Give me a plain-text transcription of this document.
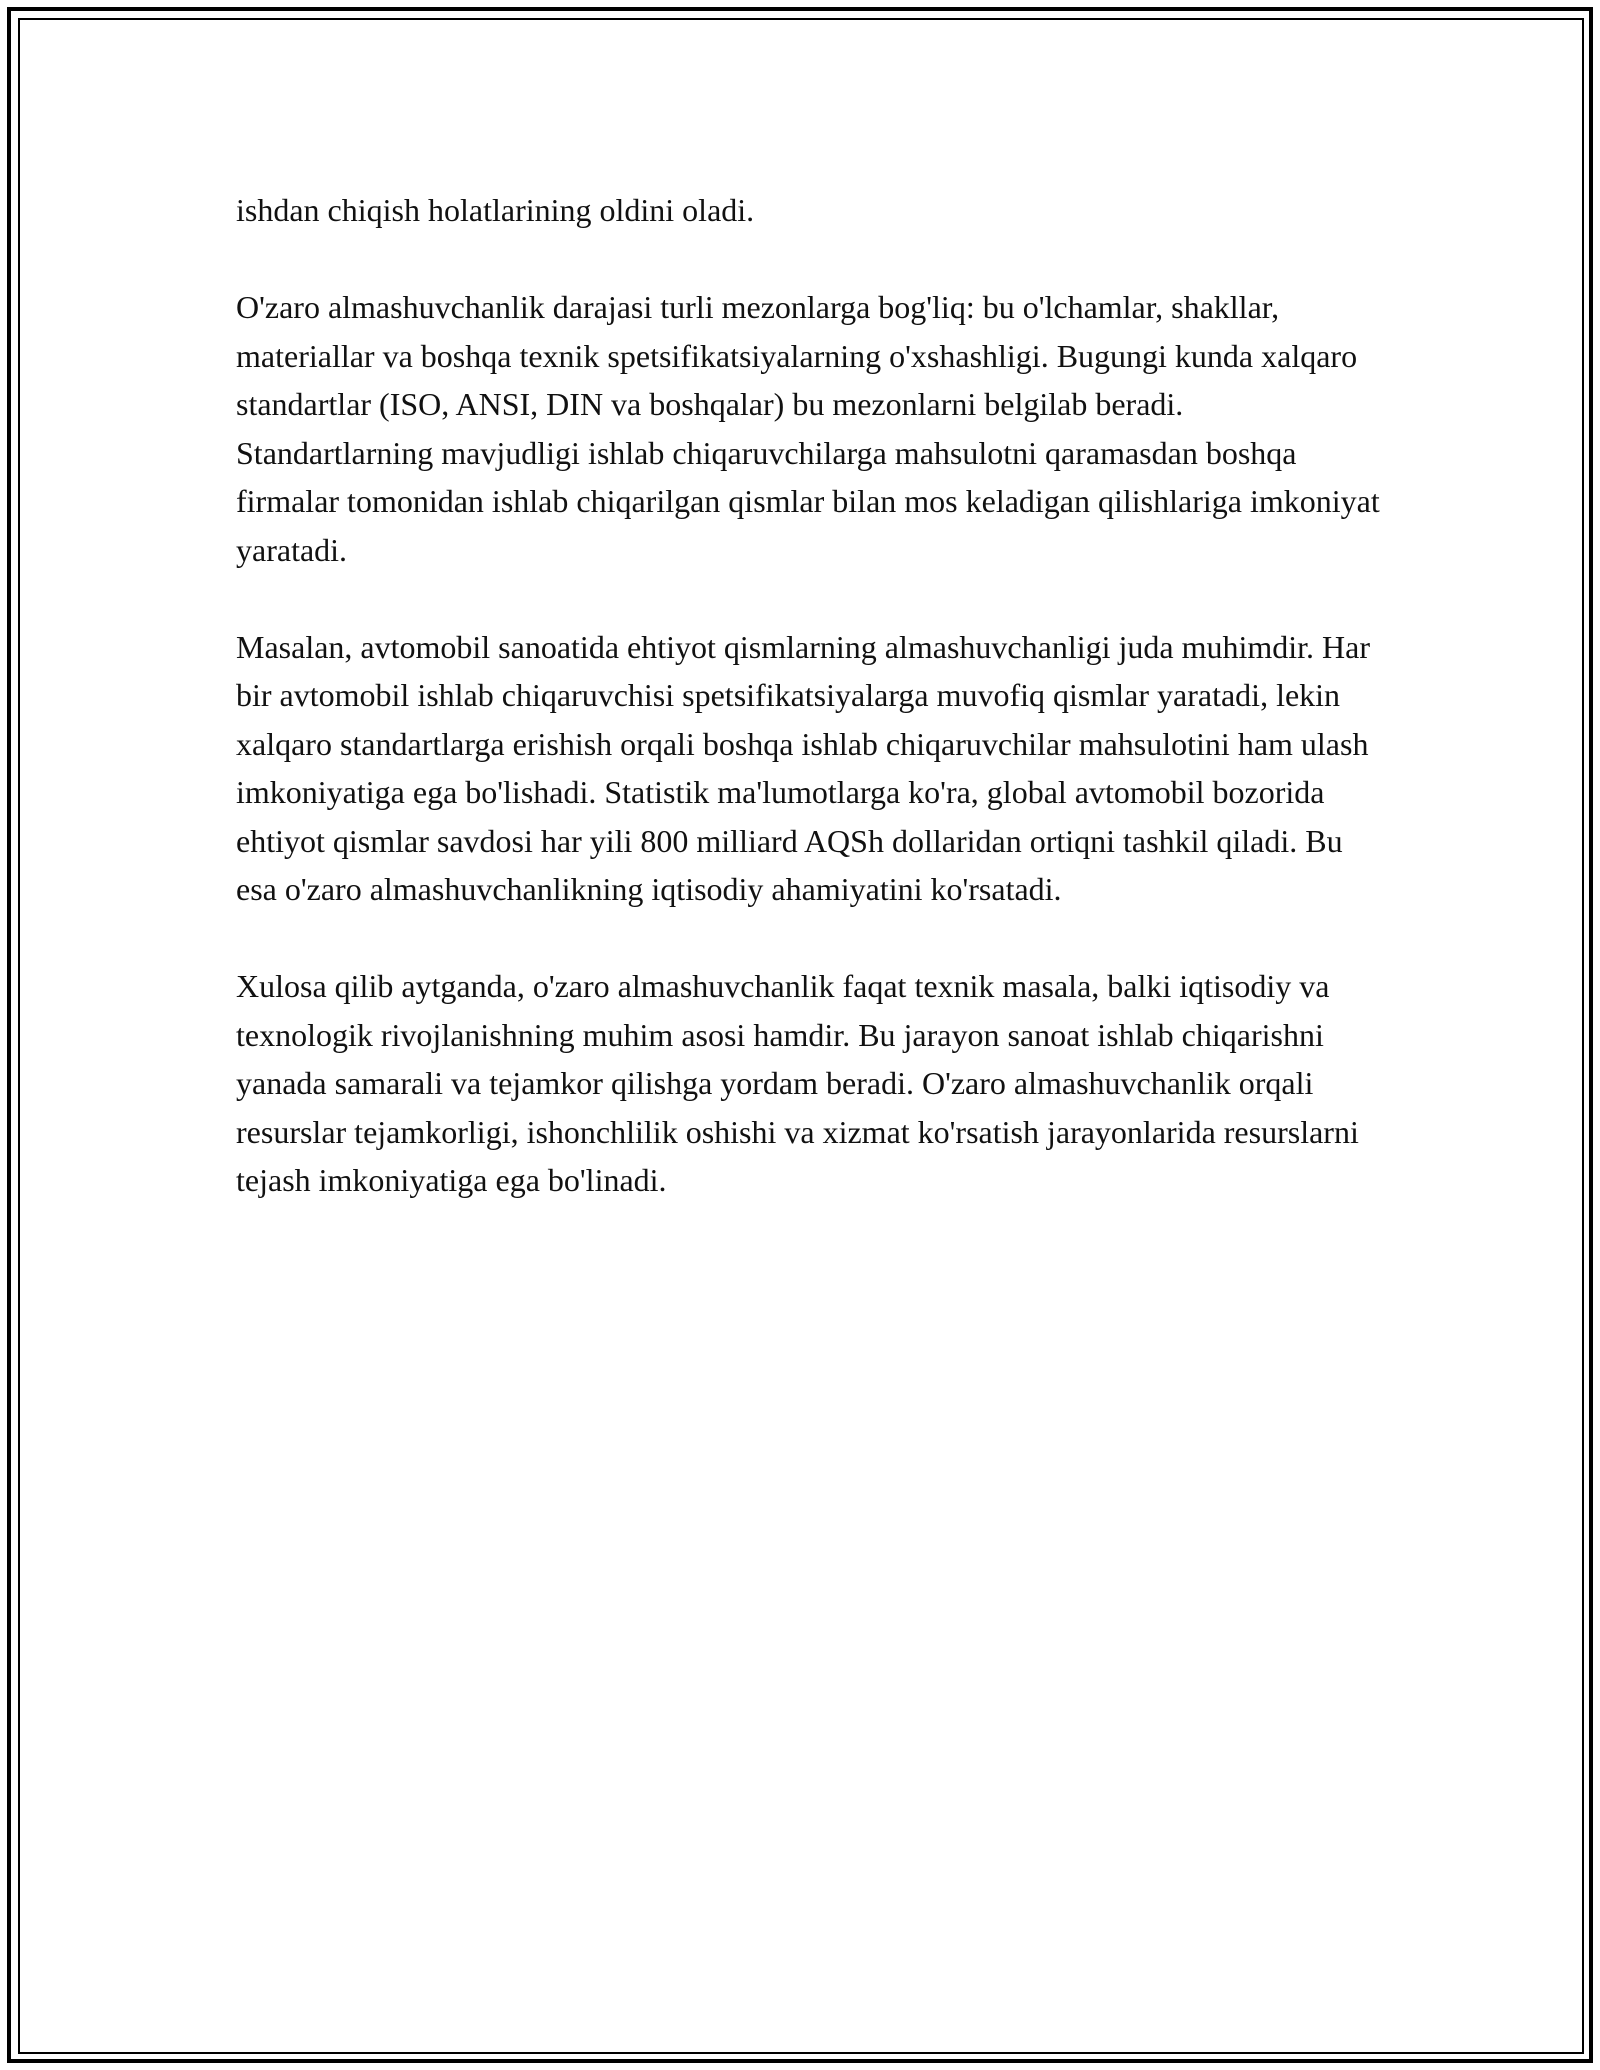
ishdan chiqish holatlarining oldini oladi.

O'zaro almashuvchanlik darajasi turli mezonlarga bog'liq: bu o'lchamlar, shakllar, materiallar va boshqa texnik spetsifikatsiyalarning o'xshashligi. Bugungi kunda xalqaro standartlar (ISO, ANSI, DIN va boshqalar) bu mezonlarni belgilab beradi. Standartlarning mavjudligi ishlab chiqaruvchilarga mahsulotni qaramasdan boshqa firmalar tomonidan ishlab chiqarilgan qismlar bilan mos keladigan qilishlariga imkoniyat yaratadi.

Masalan, avtomobil sanoatida ehtiyot qismlarning almashuvchanligi juda muhimdir. Har bir avtomobil ishlab chiqaruvchisi spetsifikatsiyalarga muvofiq qismlar yaratadi, lekin xalqaro standartlarga erishish orqali boshqa ishlab chiqaruvchilar mahsulotini ham ulash imkoniyatiga ega bo'lishadi. Statistik ma'lumotlarga ko'ra, global avtomobil bozorida ehtiyot qismlar savdosi har yili 800 milliard AQSh dollaridan ortiqni tashkil qiladi. Bu esa o'zaro almashuvchanlikning iqtisodiy ahamiyatini ko'rsatadi.

Xulosa qilib aytganda, o'zaro almashuvchanlik faqat texnik masala, balki iqtisodiy va texnologik rivojlanishning muhim asosi hamdir. Bu jarayon sanoat ishlab chiqarishni yanada samarali va tejamkor qilishga yordam beradi. O'zaro almashuvchanlik orqali resurslar tejamkorligi, ishonchlilik oshishi va xizmat ko'rsatish jarayonlarida resurslarni tejash imkoniyatiga ega bo'linadi.
